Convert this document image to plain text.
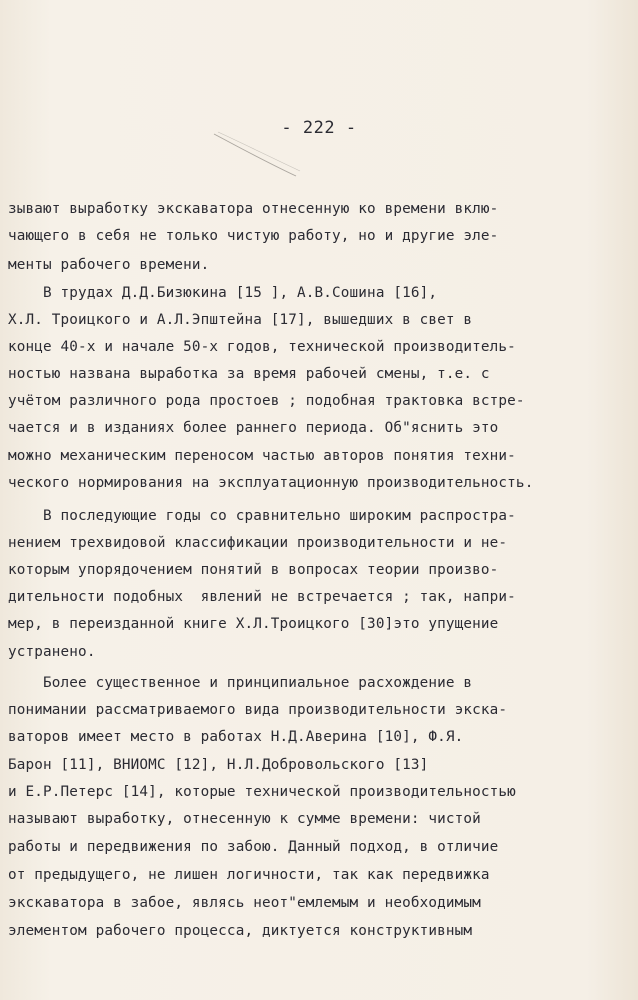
- 222 -
зывают выработку экскаватора отнесенную ко времени вклю-
чающего в себя не только чистую работу, но и другие эле-
менты рабочего времени.
В трудах Д.Д.Бизюкина [15 ], А.В.Сошина [16],
Х.Л. Троицкого и А.Л.Эпштейна [17], вышедших в свет в
конце 40-х и начале 50-х годов, технической производитель-
ностью названа выработка за время рабочей смены, т.е. с
учётом различного рода простоев ; подобная трактовка встре-
чается и в изданиях более раннего периода. Об"яснить это
можно механическим переносом частью авторов понятия техни-
ческого нормирования на эксплуатационную производительность.
В последующие годы со сравнительно широким распростра-
нением трехвидовой классификации производительности и не-
которым упорядочением понятий в вопросах теории произво-
дительности подобных  явлений не встречается ; так, напри-
мер, в переизданной книге Х.Л.Троицкого [30]это упущение
устранено.
Более существенное и принципиальное расхождение в
понимании рассматриваемого вида производительности экска-
ваторов имеет место в работах Н.Д.Аверина [10], Ф.Я.
Барон [11], ВНИОМС [12], Н.Л.Добровольского [13]
и Е.Р.Петерс [14], которые технической производительностью
называют выработку, отнесенную к сумме времени: чистой
работы и передвижения по забою. Данный подход, в отличие
от предыдущего, не лишен логичности, так как передвижка
экскаватора в забое, являсь неот"емлемым и необходимым
элементом рабочего процесса, диктуется конструктивным
